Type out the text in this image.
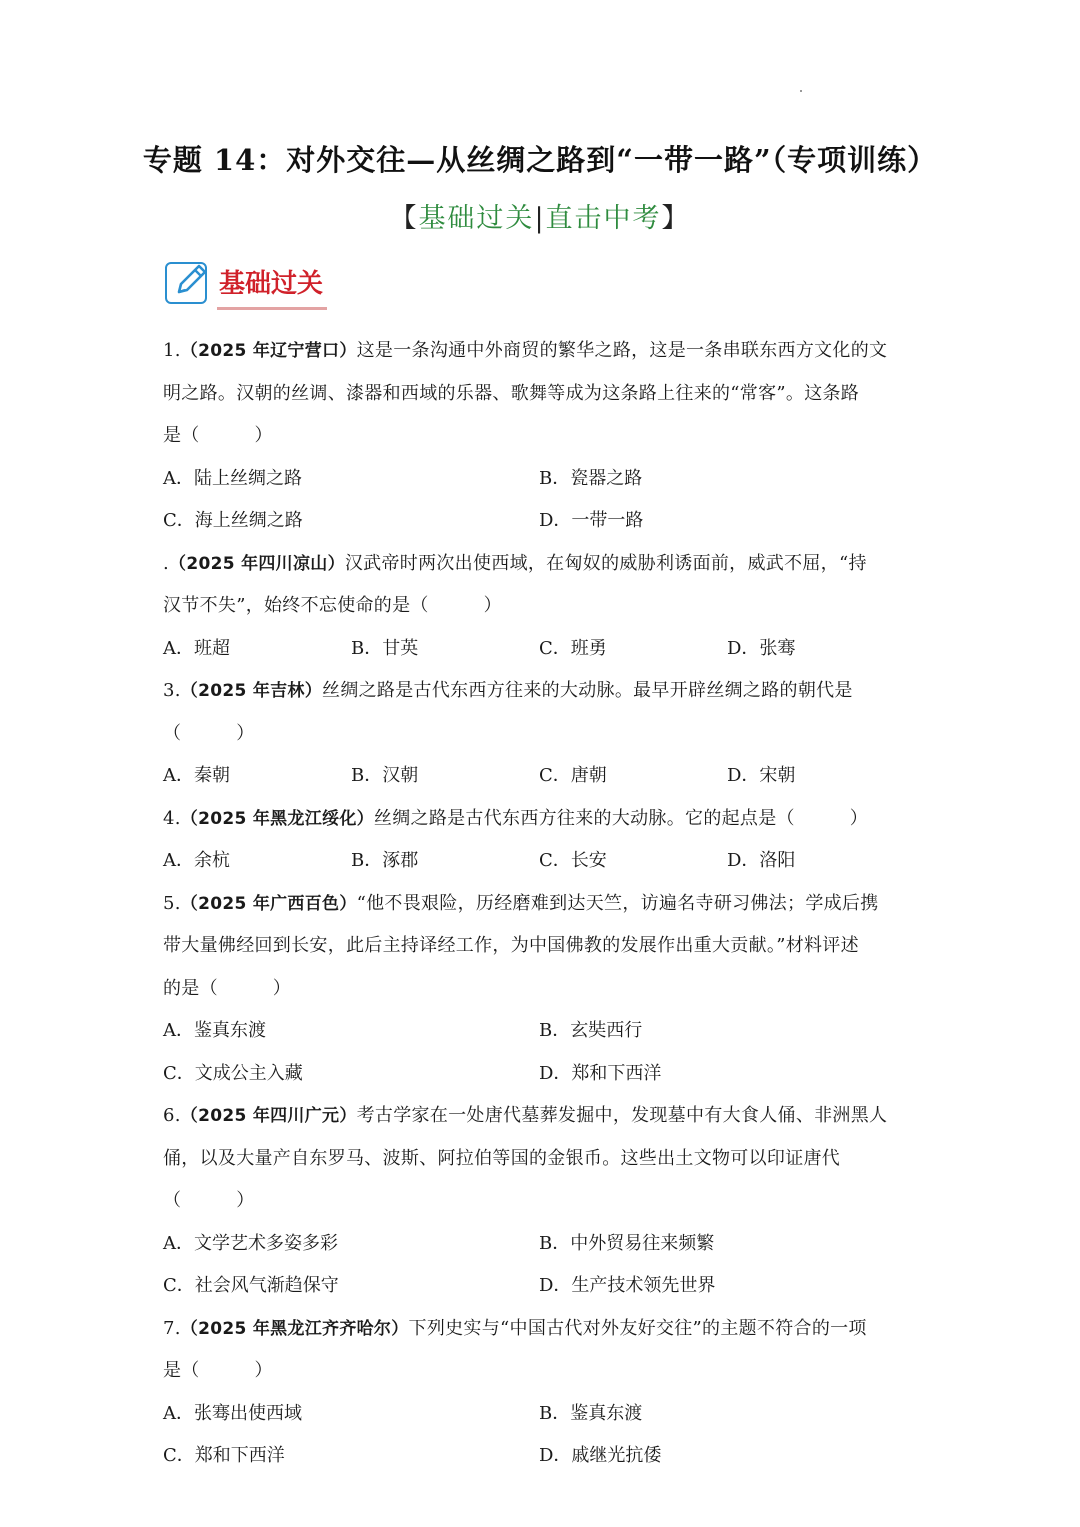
专题 14：对外交往—从丝绸之路到“一带一路”（专项训练）
【基础过关|直击中考】
基础过关
1.（2025 年辽宁营口）这是一条沟通中外商贸的繁华之路，这是一条串联东西方文化的文
明之路。汉朝的丝调、漆器和西域的乐器、歌舞等成为这条路上往来的“常客”。这条路
是（　　　）
A．陆上丝绸之路	B．瓷器之路
C．海上丝绸之路	D．一带一路
.（2025 年四川凉山）汉武帝时两次出使西域，在匈奴的威胁利诱面前，威武不屈，“持
汉节不失”，始终不忘使命的是（　　　）
A．班超	B．甘英	C．班勇	D．张骞
3.（2025 年吉林）丝绸之路是古代东西方往来的大动脉。最早开辟丝绸之路的朝代是
（　　　）
A．秦朝	B．汉朝	C．唐朝	D．宋朝
4.（2025 年黑龙江绥化）丝绸之路是古代东西方往来的大动脉。它的起点是（　　　）
A．余杭	B．涿郡	C．长安	D．洛阳
5.（2025 年广西百色）“他不畏艰险，历经磨难到达天竺，访遍名寺研习佛法；学成后携
带大量佛经回到长安，此后主持译经工作，为中国佛教的发展作出重大贡献。”材料评述
的是（　　　）
A．鉴真东渡	B．玄奘西行
C．文成公主入藏	D．郑和下西洋
6.（2025 年四川广元）考古学家在一处唐代墓葬发掘中，发现墓中有大食人俑、非洲黑人
俑，以及大量产自东罗马、波斯、阿拉伯等国的金银币。这些出土文物可以印证唐代
（　　　）
A．文学艺术多姿多彩	B．中外贸易往来频繁
C．社会风气渐趋保守	D．生产技术领先世界
7.（2025 年黑龙江齐齐哈尔）下列史实与“中国古代对外友好交往”的主题不符合的一项
是（　　　）
A．张骞出使西域	B．鉴真东渡
C．郑和下西洋	D．戚继光抗倭
